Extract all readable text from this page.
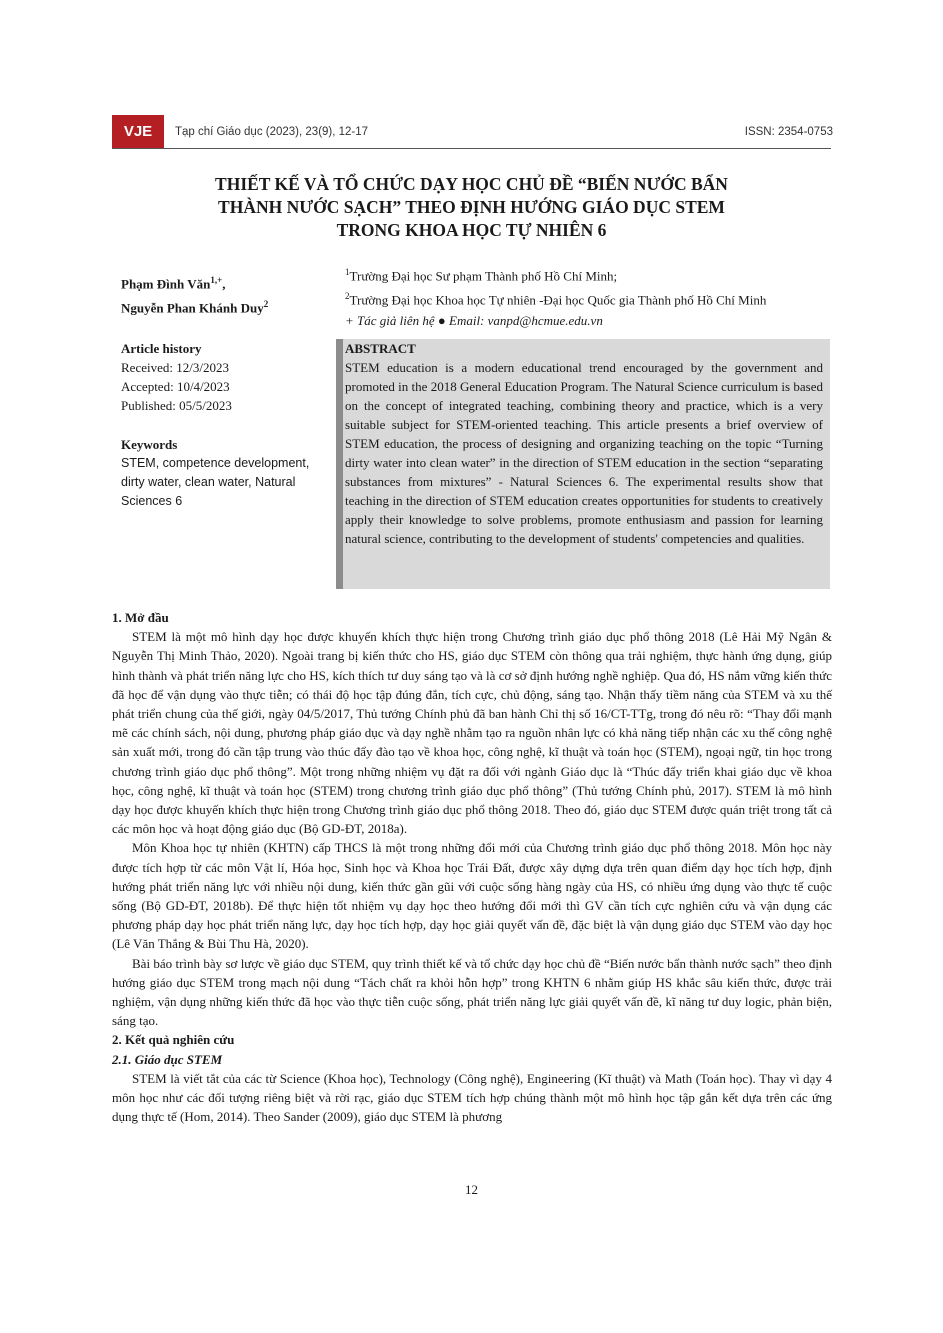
VJE	Tạp chí Giáo dục (2023), 23(9), 12-17	ISSN: 2354-0753
THIẾT KẾ VÀ TỔ CHỨC DẠY HỌC CHỦ ĐỀ “BIẾN NƯỚC BẨN
THÀNH NƯỚC SẠCH” THEO ĐỊNH HƯỚNG GIÁO DỤC STEM
TRONG KHOA HỌC TỰ NHIÊN 6
Phạm Đình Văn$^{1,+}$,
Nguyễn Phan Khánh Duy$^2$
$^1$Trường Đại học Sư phạm Thành phố Hồ Chí Minh;
$^2$Trường Đại học Khoa học Tự nhiên -Đại học Quốc gia Thành phố Hồ Chí Minh
+ Tác giả liên hệ ● Email: vanpd@hcmue.edu.vn
Article history
Received: 12/3/2023
Accepted: 10/4/2023
Published: 05/5/2023
Keywords
STEM, competence development, dirty water, clean water, Natural Sciences 6
ABSTRACT
STEM education is a modern educational trend encouraged by the government and promoted in the 2018 General Education Program. The Natural Science curriculum is based on the concept of integrated teaching, combining theory and practice, which is a very suitable subject for STEM-oriented teaching. This article presents a brief overview of STEM education, the process of designing and organizing teaching on the topic “Turning dirty water into clean water” in the direction of STEM education in the section “separating substances from mixtures” - Natural Sciences 6. The experimental results show that teaching in the direction of STEM education creates opportunities for students to creatively apply their knowledge to solve problems, promote enthusiasm and passion for learning natural science, contributing to the development of students' competencies and qualities.

1. Mở đầu

STEM là một mô hình dạy học được khuyến khích thực hiện trong Chương trình giáo dục phổ thông 2018 (Lê Hải Mỹ Ngân & Nguyễn Thị Minh Thảo, 2020). Ngoài trang bị kiến thức cho HS, giáo dục STEM còn thông qua trải nghiệm, thực hành ứng dụng, giúp hình thành và phát triển năng lực cho HS, kích thích tư duy sáng tạo và là cơ sở định hướng nghề nghiệp. Qua đó, HS nắm vững kiến thức đã học để vận dụng vào thực tiễn; có thái độ học tập đúng đắn, tích cực, chủ động, sáng tạo. Nhận thấy tiềm năng của STEM và xu thế phát triển chung của thế giới, ngày 04/5/2017, Thủ tướng Chính phủ đã ban hành Chỉ thị số 16/CT-TTg, trong đó nêu rõ: “Thay đổi mạnh mẽ các chính sách, nội dung, phương pháp giáo dục và dạy nghề nhằm tạo ra nguồn nhân lực có khả năng tiếp nhận các xu thế công nghệ sản xuất mới, trong đó cần tập trung vào thúc đẩy đào tạo về khoa học, công nghệ, kĩ thuật và toán học (STEM), ngoại ngữ, tin học trong chương trình giáo dục phổ thông”. Một trong những nhiệm vụ đặt ra đối với ngành Giáo dục là “Thúc đẩy triển khai giáo dục về khoa học, công nghệ, kĩ thuật và toán học (STEM) trong chương trình giáo dục phổ thông” (Thủ tướng Chính phủ, 2017). STEM là mô hình dạy học được khuyến khích thực hiện trong Chương trình giáo dục phổ thông 2018. Theo đó, giáo dục STEM được quán triệt trong tất cả các môn học và hoạt động giáo dục (Bộ GD-ĐT, 2018a).

Môn Khoa học tự nhiên (KHTN) cấp THCS là một trong những đổi mới của Chương trình giáo dục phổ thông 2018. Môn học này được tích hợp từ các môn Vật lí, Hóa học, Sinh học và Khoa học Trái Đất, được xây dựng dựa trên quan điểm dạy học tích hợp, định hướng phát triển năng lực với nhiều nội dung, kiến thức gần gũi với cuộc sống hàng ngày của HS, có nhiều ứng dụng vào thực tế cuộc sống (Bộ GD-ĐT, 2018b). Để thực hiện tốt nhiệm vụ dạy học theo hướng đổi mới thì GV cần tích cực nghiên cứu và vận dụng các phương pháp dạy học phát triển năng lực, dạy học tích hợp, dạy học giải quyết vấn đề, đặc biệt là vận dụng giáo dục STEM vào dạy học (Lê Văn Thắng & Bùi Thu Hà, 2020).

Bài báo trình bày sơ lược về giáo dục STEM, quy trình thiết kế và tổ chức dạy học chủ đề “Biến nước bẩn thành nước sạch” theo định hướng giáo dục STEM trong mạch nội dung “Tách chất ra khỏi hỗn hợp” trong KHTN 6 nhằm giúp HS khắc sâu kiến thức, được trải nghiệm, vận dụng những kiến thức đã học vào thực tiễn cuộc sống, phát triển năng lực giải quyết vấn đề, kĩ năng tư duy logic, phản biện, sáng tạo.

2. Kết quả nghiên cứu

2.1. Giáo dục STEM

STEM là viết tắt của các từ Science (Khoa học), Technology (Công nghệ), Engineering (Kĩ thuật) và Math (Toán học). Thay vì dạy 4 môn học như các đối tượng riêng biệt và rời rạc, giáo dục STEM tích hợp chúng thành một mô hình học tập gắn kết dựa trên các ứng dụng thực tế (Hom, 2014). Theo Sander (2009), giáo dục STEM là phương

12
